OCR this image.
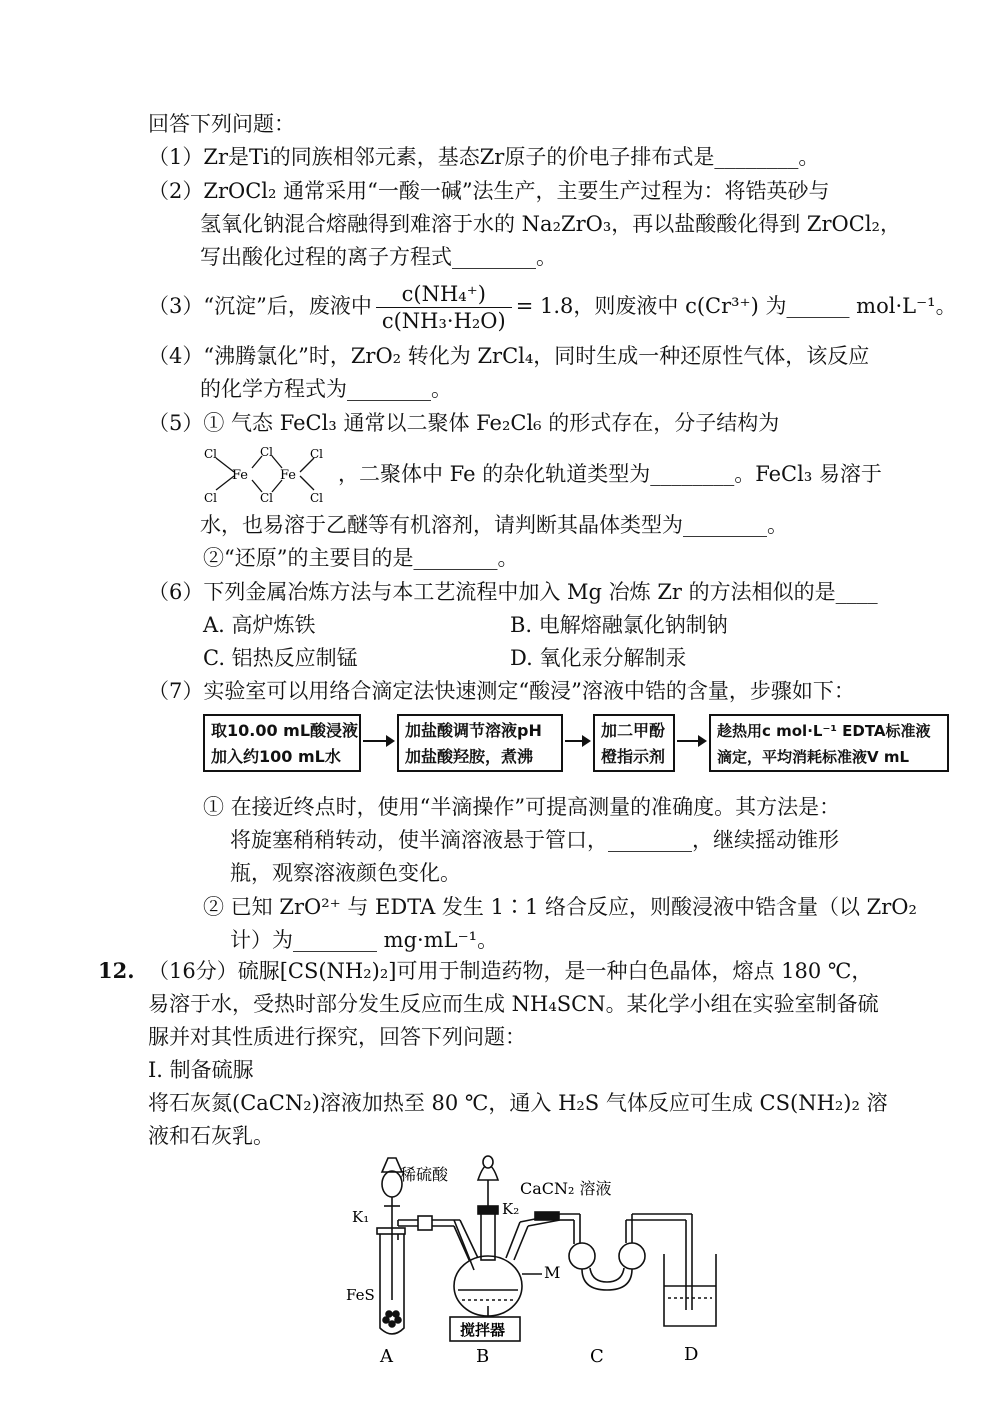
回答下列问题：
（1）Zr是Ti的同族相邻元素，基态Zr原子的价电子排布式是________。
（2）ZrOCl₂ 通常采用“一酸一碱”法生产，主要生产过程为：将锆英砂与
氢氧化钠混合熔融得到难溶于水的 Na₂ZrO₃，再以盐酸酸化得到 ZrOCl₂，
写出酸化过程的离子方程式________。
（3）“沉淀”后，废液中 $\frac{\text{c(NH₄⁺)}}{\text{c(NH₃·H₂O)}} = 1.8$，则废液中 c(Cr³⁺) 为______ mol·L⁻¹。
（4）“沸腾氯化”时，ZrO₂ 转化为 ZrCl₄，同时生成一种还原性气体，该反应
的化学方程式为________。
（5）① 气态 FeCl₃ 通常以二聚体 Fe₂Cl₆ 的形式存在，分子结构为
Cl
Cl
Cl
Cl
Cl
Cl
Fe Fe ，二聚体中 Fe 的杂化轨道类型为________。FeCl₃ 易溶于
水，也易溶于乙醚等有机溶剂，请判断其晶体类型为________。
②“还原”的主要目的是________。
（6）下列金属冶炼方法与本工艺流程中加入 Mg 冶炼 Zr 的方法相似的是____
A. 高炉炼铁	B. 电解熔融氯化钠制钠
C. 铝热反应制锰	D. 氧化汞分解制汞
（7）实验室可以用络合滴定法快速测定“酸浸”溶液中锆的含量，步骤如下：
取10.00 mL酸浸液
加入约100 mL水
加盐酸调节溶液pH
加盐酸羟胺，煮沸
加二甲酚
橙指示剂
趁热用c mol·L⁻¹ EDTA标准液
滴定，平均消耗标准液V mL
① 在接近终点时，使用“半滴操作”可提高测量的准确度。其方法是：
将旋塞稍稍转动，使半滴溶液悬于管口，________，继续摇动锥形
瓶，观察溶液颜色变化。
② 已知 ZrO²⁺ 与 EDTA 发生 1∶1 络合反应，则酸浸液中锆含量（以 ZrO₂
计）为________ mg·mL⁻¹。
12. （16分）硫脲[CS(NH₂)₂]可用于制造药物，是一种白色晶体，熔点 180 ℃，
易溶于水，受热时部分发生反应而生成 NH₄SCN。某化学小组在实验室制备硫
脲并对其性质进行探究，回答下列问题：
I. 制备硫脲
将石灰氮(CaCN₂)溶液加热至 80 ℃，通入 H₂S 气体反应可生成 CS(NH₂)₂ 溶
液和石灰乳。
稀硫酸
CaCN₂ 溶液
K₁	K₂
FeS
M
搅拌器
A	B	C	D
